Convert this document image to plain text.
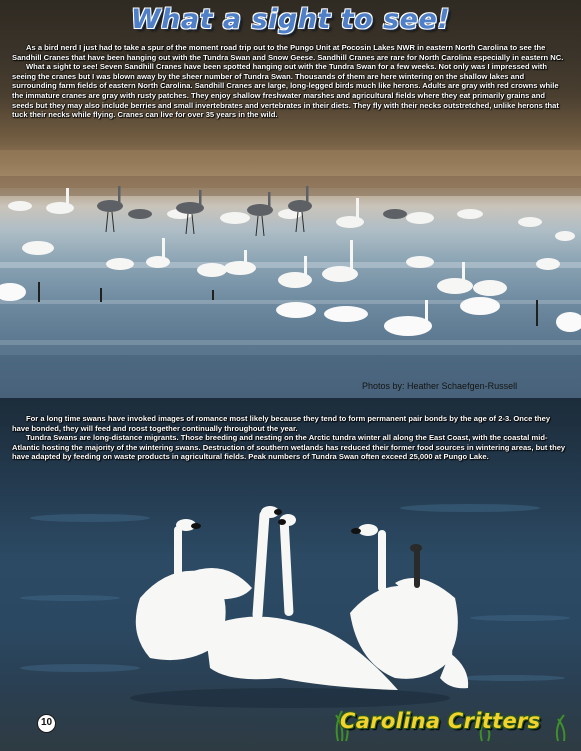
What a sight to see!

As a bird nerd I just had to take a spur of the moment road trip out to the Pungo Unit at Pocosin Lakes NWR in eastern North Carolina to see the Sandhill Cranes that have been hanging out with the Tundra Swan and Snow Geese. Sandhill Cranes are rare for North Carolina especially in eastern NC.

What a sight to see! Seven Sandhill Cranes have been spotted hanging out with the Tundra Swan for a few weeks. Not only was I impressed with seeing the cranes but I was blown away by the sheer number of Tundra Swan. Thousands of them are here wintering on the shallow lakes and surrounding farm fields of eastern North Carolina. Sandhill Cranes are large, long-legged birds much like herons. Adults are gray with red crowns while the immature cranes are gray with rusty patches. They enjoy shallow freshwater marshes and agricultural fields where they eat primarily grains and seeds but they may also include berries and small invertebrates and vertebrates in their diets. They fly with their necks outstretched, unlike herons that tuck their necks while flying. Cranes can live for over 35 years in the wild.

Photos by: Heather Schaefgen-Russell

For a long time swans have invoked images of romance most likely because they tend to form permanent pair bonds by the age of 2-3. Once they have bonded, they will feed and roost together continually throughout the year.

Tundra Swans are long-distance migrants. Those breeding and nesting on the Arctic tundra winter all along the East Coast, with the coastal mid-Atlantic hosting the majority of the wintering swans. Destruction of southern wetlands has reduced their former food sources in wintering areas, but they have adapted by feeding on waste products in agricultural fields. Peak numbers of Tundra Swan often exceed 25,000 at Pungo Lake.

10	Carolina Critters
